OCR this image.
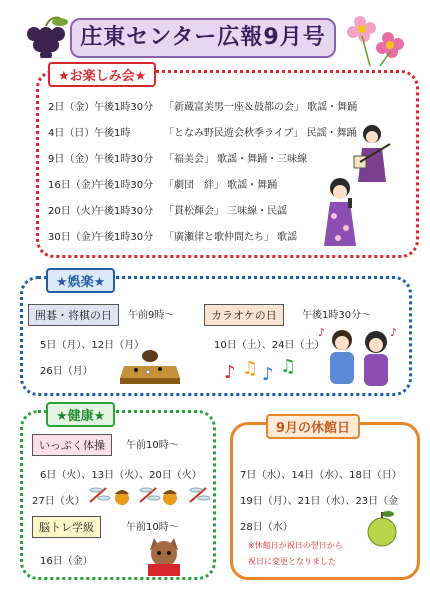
庄東センター広報9月号
★お楽しみ会★
2日（金）午後1時30分 「新蔵富美男一座＆鼓都の会」 歌謡・舞踊
4日（日）午後1時	「となみ野民遊会秋季ライブ」 民謡・舞踊
9日（金）午後1時30分 「福美会」 歌謡・舞踊・三味線
16日（金）午後1時30分 「劇団　絆」 歌謡・舞踊
20日（火）午後1時30分 「貫松輝会」 三味線・民謡
30日（金）午後1時30分 「廣瀬律と歌仲間たち」 歌謡
★娯楽★
囲碁・将棋の日	午前9時～
5日（月）、12日（月）
26日（月）
カラオケの日	午後1時30分～
10日（土）、24日（土）
♪ ♫ ♪ ♫
♪	♪
★健康★
いっぷく体操	午前10時～
6日（火）、13日（火）、20日（火）
27日（火）
脳トレ学級	午前10時～
16日（金）
9月の休館日
7日（水）、14日（水）、18日（日）
19日（月）、21日（水）、23日（金
28日（水）
※休館日が祝日の翌日から
祝日に変更となりました
